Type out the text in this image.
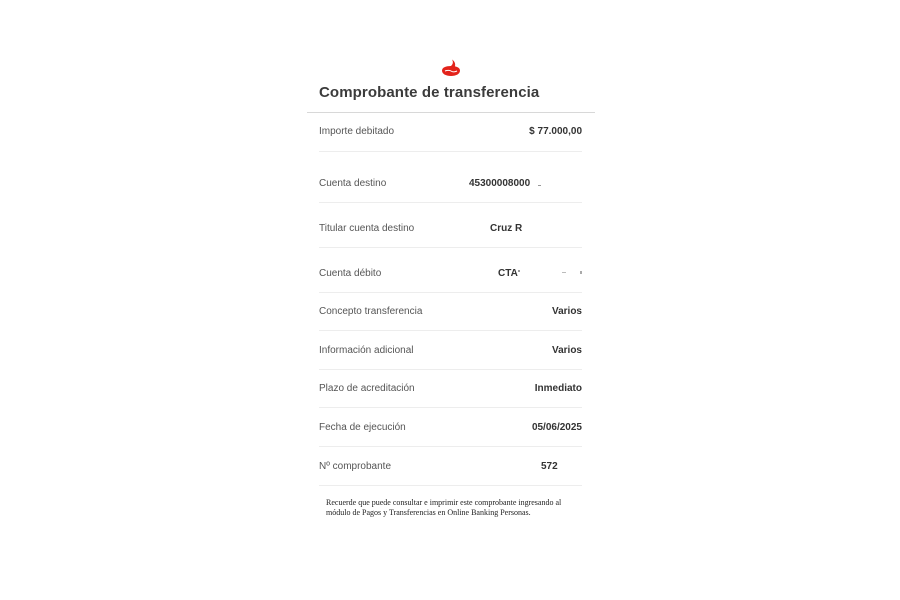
Comprobante de transferencia
Importe debitado	$ 77.000,00
Cuenta destino	45300008000
Titular cuenta destino	Cruz R
Cuenta débito	CTA
Concepto transferencia	Varios
Información adicional	Varios
Plazo de acreditación	Inmediato
Fecha de ejecución	05/06/2025
Nº comprobante	572
Recuerde que puede consultar e imprimir este comprobante ingresando al módulo de Pagos y Transferencias en Online Banking Personas.
